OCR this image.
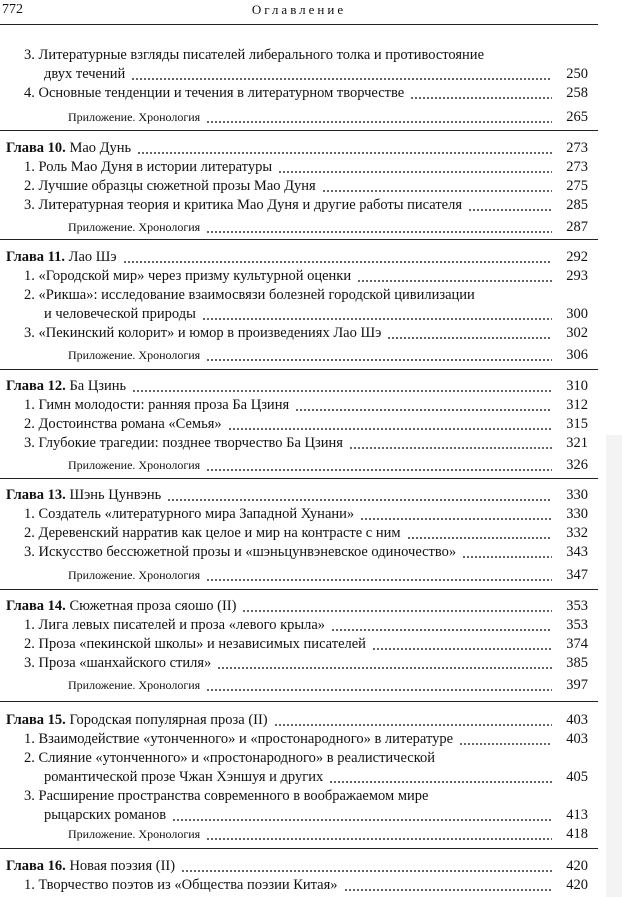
772	Оглавление
3. Литературные взгляды писателей либерального толка и противостояние
двух течений	250
4. Основные тенденции и течения в литературном творчестве	258
Приложение. Хронология	265
Глава 10. Мао Дунь	273
1. Роль Мао Дуня в истории литературы	273
2. Лучшие образцы сюжетной прозы Мао Дуня	275
3. Литературная теория и критика Мао Дуня и другие работы писателя	285
Приложение. Хронология	287
Глава 11. Лао Шэ	292
1. «Городской мир» через призму культурной оценки	293
2. «Рикша»: исследование взаимосвязи болезней городской цивилизации
и человеческой природы	300
3. «Пекинский колорит» и юмор в произведениях Лао Шэ	302
Приложение. Хронология	306
Глава 12. Ба Цзинь	310
1. Гимн молодости: ранняя проза Ба Цзиня	312
2. Достоинства романа «Семья»	315
3. Глубокие трагедии: позднее творчество Ба Цзиня	321
Приложение. Хронология	326
Глава 13. Шэнь Цунвэнь	330
1. Создатель «литературного мира Западной Хунани»	330
2. Деревенский нарратив как целое и мир на контрасте с ним	332
3. Искусство бессюжетной прозы и «шэньцунвэневское одиночество»	343
Приложение. Хронология	347
Глава 14. Сюжетная проза сяошо (II)	353
1. Лига левых писателей и проза «левого крыла»	353
2. Проза «пекинской школы» и независимых писателей	374
3. Проза «шанхайского стиля»	385
Приложение. Хронология	397
Глава 15. Городская популярная проза (II)	403
1. Взаимодействие «утонченного» и «простонародного» в литературе	403
2. Слияние «утонченного» и «простонародного» в реалистической
романтической прозе Чжан Хэншуя и других	405
3. Расширение пространства современного в воображаемом мире
рыцарских романов	413
Приложение. Хронология	418
Глава 16. Новая поэзия (II)	420
1. Творчество поэтов из «Общества поэзии Китая»	420
